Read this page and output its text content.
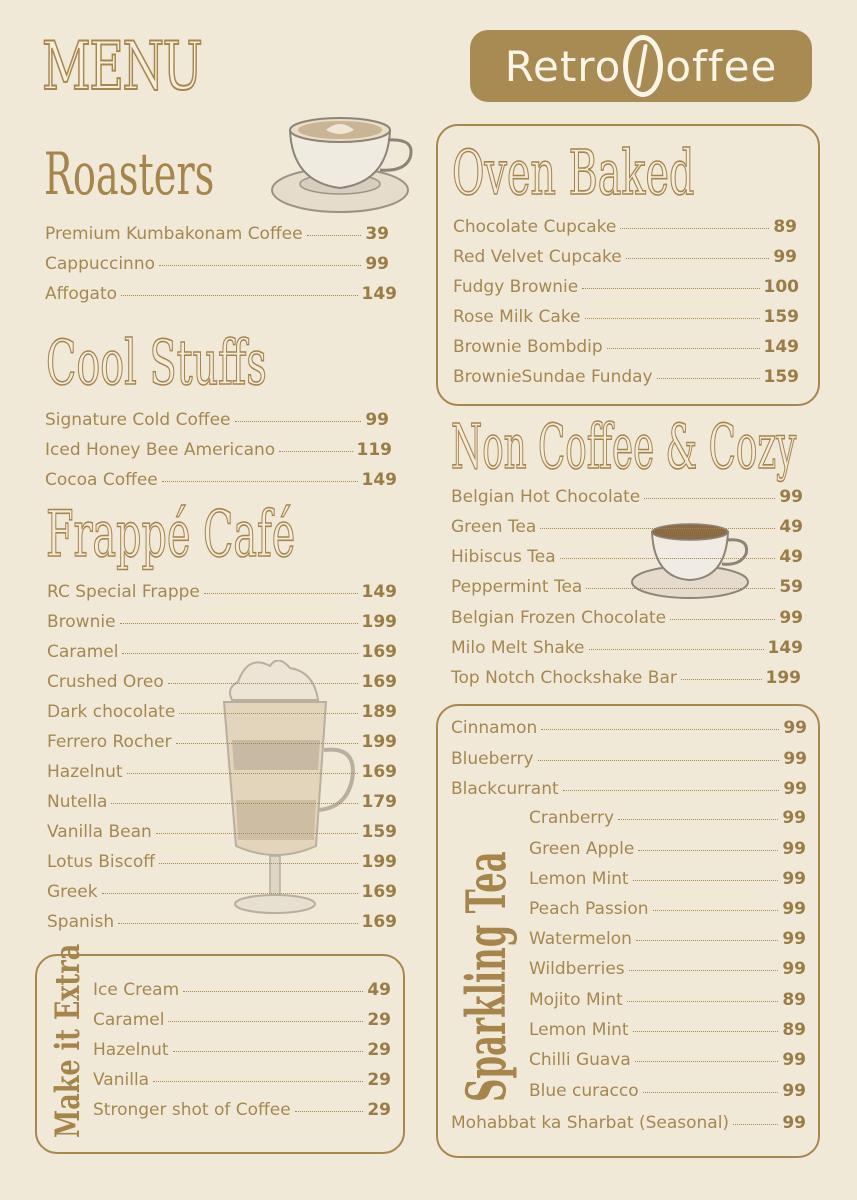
MENU	Retro offee
Roasters
Premium Kumbakonam Coffee	39
Cappuccinno	99
Affogato	149
Cool Stuffs
Signature Cold Coffee	99
Iced Honey Bee Americano	119
Cocoa Coffee	149
Frappé Café
RC Special Frappe	149
Brownie	199
Caramel	169
Crushed Oreo	169
Dark chocolate	189
Ferrero Rocher	199
Hazelnut	169
Nutella	179
Vanilla Bean	159
Lotus Biscoff	199
Greek	169
Spanish	169
Make it Extra Ice Cream	49
Caramel	29
Hazelnut	29
Vanilla	29
Stronger shot of Coffee	29
Oven Baked
Chocolate Cupcake	89
Red Velvet Cupcake	99
Fudgy Brownie	100
Rose Milk Cake	159
Brownie Bombdip	149
BrownieSundae Funday	159
Non Coffee & Cozy
Belgian Hot Chocolate	99
Green Tea	49
Hibiscus Tea	49
Peppermint Tea	59
Belgian Frozen Chocolate	99
Milo Melt Shake	149
Top Notch Chockshake Bar	199
Cinnamon	99
Blueberry	99
Blackcurrant	99
Sparkling Tea
Cranberry	99
Green Apple	99
Lemon Mint	99
Peach Passion	99
Watermelon	99
Wildberries	99
Mojito Mint	89
Lemon Mint	89
Chilli Guava	99
Blue curacco	99
Mohabbat ka Sharbat (Seasonal)	99
